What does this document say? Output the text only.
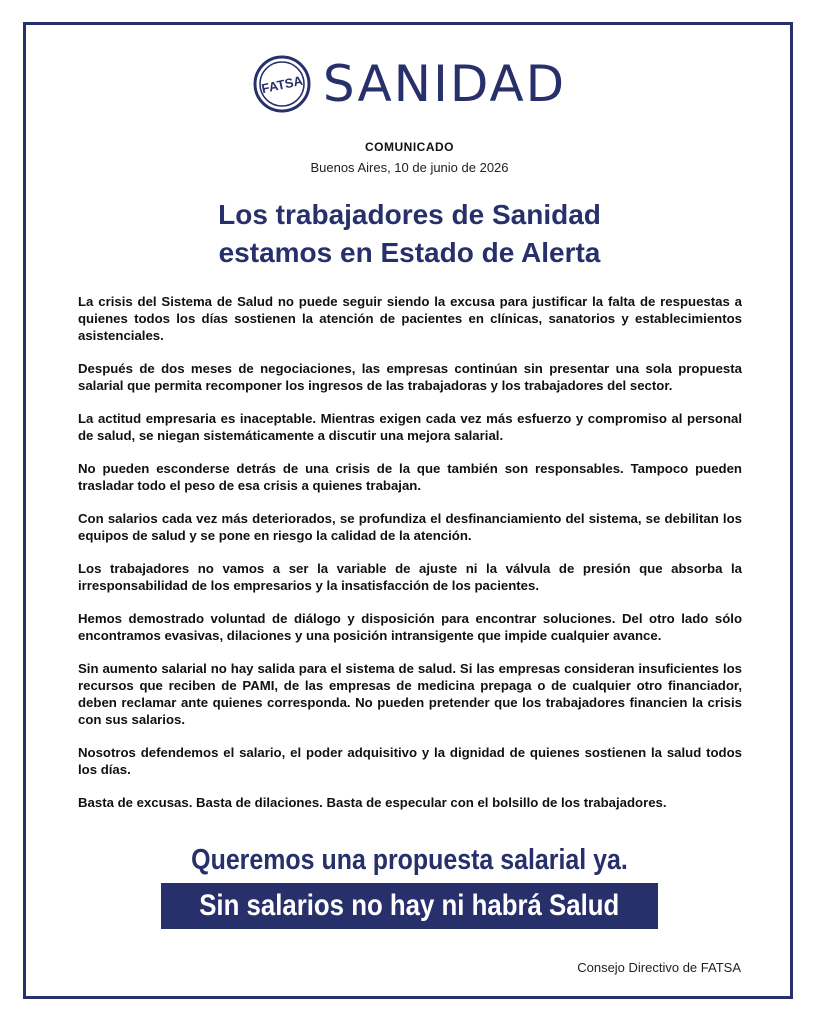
FATSA SANIDAD
COMUNICADO
Buenos Aires, 10 de junio de 2026
Los trabajadores de Sanidad
estamos en Estado de Alerta

La crisis del Sistema de Salud no puede seguir siendo la excusa para justificar la falta de respuestas a quienes todos los días sostienen la atención de pacientes en clínicas, sanatorios y establecimientos asistenciales.

Después de dos meses de negociaciones, las empresas continúan sin presentar una sola propuesta salarial que permita recomponer los ingresos de las trabajadoras y los trabajadores del sector.

La actitud empresaria es inaceptable. Mientras exigen cada vez más esfuerzo y compromiso al personal de salud, se niegan sistemáticamente a discutir una mejora salarial.

No pueden esconderse detrás de una crisis de la que también son responsables. Tampoco pueden trasladar todo el peso de esa crisis a quienes trabajan.

Con salarios cada vez más deteriorados, se profundiza el desfinanciamiento del sistema, se debilitan los equipos de salud y se pone en riesgo la calidad de la atención.

Los trabajadores no vamos a ser la variable de ajuste ni la válvula de presión que absorba la irresponsabilidad de los empresarios y la insatisfacción de los pacientes.

Hemos demostrado voluntad de diálogo y disposición para encontrar soluciones. Del otro lado sólo encontramos evasivas, dilaciones y una posición intransigente que impide cualquier avance.

Sin aumento salarial no hay salida para el sistema de salud. Si las empresas consideran insuficientes los recursos que reciben de PAMI, de las empresas de medicina prepaga o de cualquier otro financiador, deben reclamar ante quienes corresponda. No pueden pretender que los trabajadores financien la crisis con sus salarios.

Nosotros defendemos el salario, el poder adquisitivo y la dignidad de quienes sostienen la salud todos los días.

Basta de excusas. Basta de dilaciones. Basta de especular con el bolsillo de los trabajadores.

Queremos una propuesta salarial ya.
Sin salarios no hay ni habrá Salud
Consejo Directivo de FATSA
